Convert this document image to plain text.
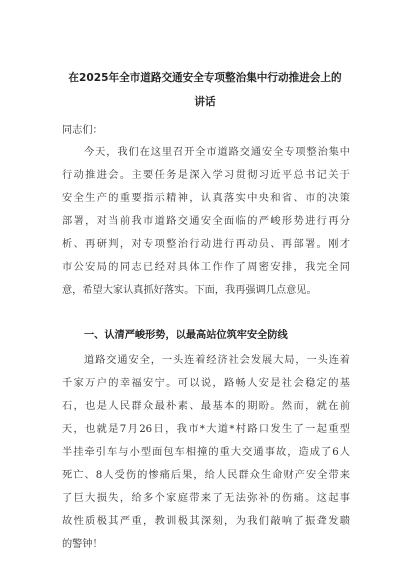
在2025年全市道路交通安全专项整治集中行动推进会上的
讲话
同志们：
今天，我们在这里召开全市道路交通安全专项整治集中
行动推进会。主要任务是深入学习贯彻习近平总书记关于
安全生产的重要指示精神，认真落实中央和省、市的决策
部署，对当前我市道路交通安全面临的严峻形势进行再分
析、再研判，对专项整治行动进行再动员、再部署。刚才
市公安局的同志已经对具体工作作了周密安排，我完全同
意，希望大家认真抓好落实。下面，我再强调几点意见。
一、认清严峻形势，以最高站位筑牢安全防线
道路交通安全，一头连着经济社会发展大局，一头连着
千家万户的幸福安宁。可以说，路畅人安是社会稳定的基
石，也是人民群众最朴素、最基本的期盼。然而，就在前
天，也就是7月26日，我市*大道*村路口发生了一起重型
半挂牵引车与小型面包车相撞的重大交通事故，造成了6人
死亡、8人受伤的惨痛后果，给人民群众生命财产安全带来
了巨大损失，给多个家庭带来了无法弥补的伤痛。这起事
故性质极其严重，教训极其深刻，为我们敲响了振聋发聩
的警钟！
